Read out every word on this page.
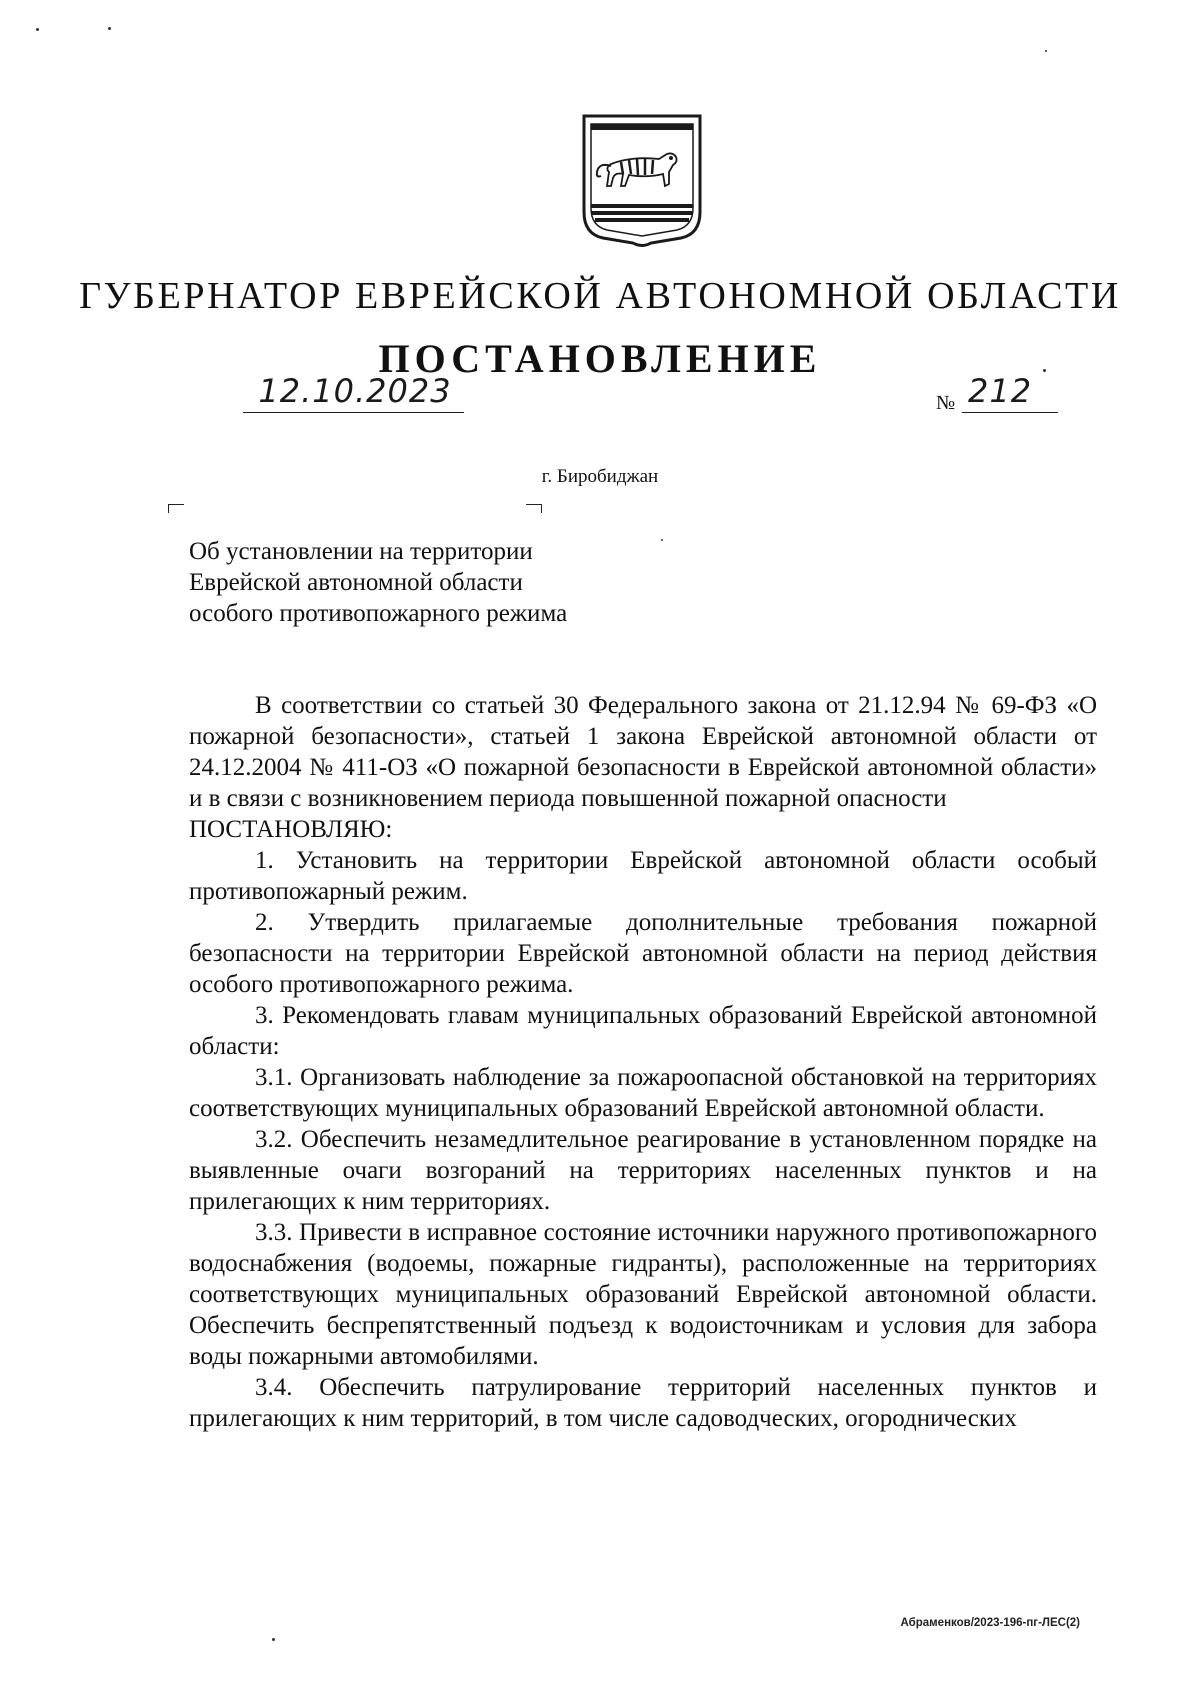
ГУБЕРНАТОР ЕВРЕЙСКОЙ АВТОНОМНОЙ ОБЛАСТИ
ПОСТАНОВЛЕНИЕ
12.10.2023	№ 212
г. Биробиджан
Об установлении на территории
Еврейской автономной области
особого противопожарного режима

В соответствии со статьей 30 Федерального закона от 21.12.94 № 69-ФЗ «О пожарной безопасности», статьей 1 закона Еврейской автономной области от 24.12.2004 № 411-ОЗ «О пожарной безопасности в Еврейской автономной области» и в связи с возникновением периода повышенной пожарной опасности

ПОСТАНОВЛЯЮ:

1. Установить на территории Еврейской автономной области особый противопожарный режим.

2. Утвердить прилагаемые дополнительные требования пожарной безопасности на территории Еврейской автономной области на период действия особого противопожарного режима.

3. Рекомендовать главам муниципальных образований Еврейской автономной области:

3.1. Организовать наблюдение за пожароопасной обстановкой на территориях соответствующих муниципальных образований Еврейской автономной области.

3.2. Обеспечить незамедлительное реагирование в установленном порядке на выявленные очаги возгораний на территориях населенных пунктов и на прилегающих к ним территориях.

3.3. Привести в исправное состояние источники наружного противопожарного водоснабжения (водоемы, пожарные гидранты), расположенные на территориях соответствующих муниципальных образований Еврейской автономной области. Обеспечить беспрепятственный подъезд к водоисточникам и условия для забора воды пожарными автомобилями.

3.4. Обеспечить патрулирование территорий населенных пунктов и прилегающих к ним территорий, в том числе садоводческих, огороднических

Абраменков/2023-196-пг-ЛЕС(2)
